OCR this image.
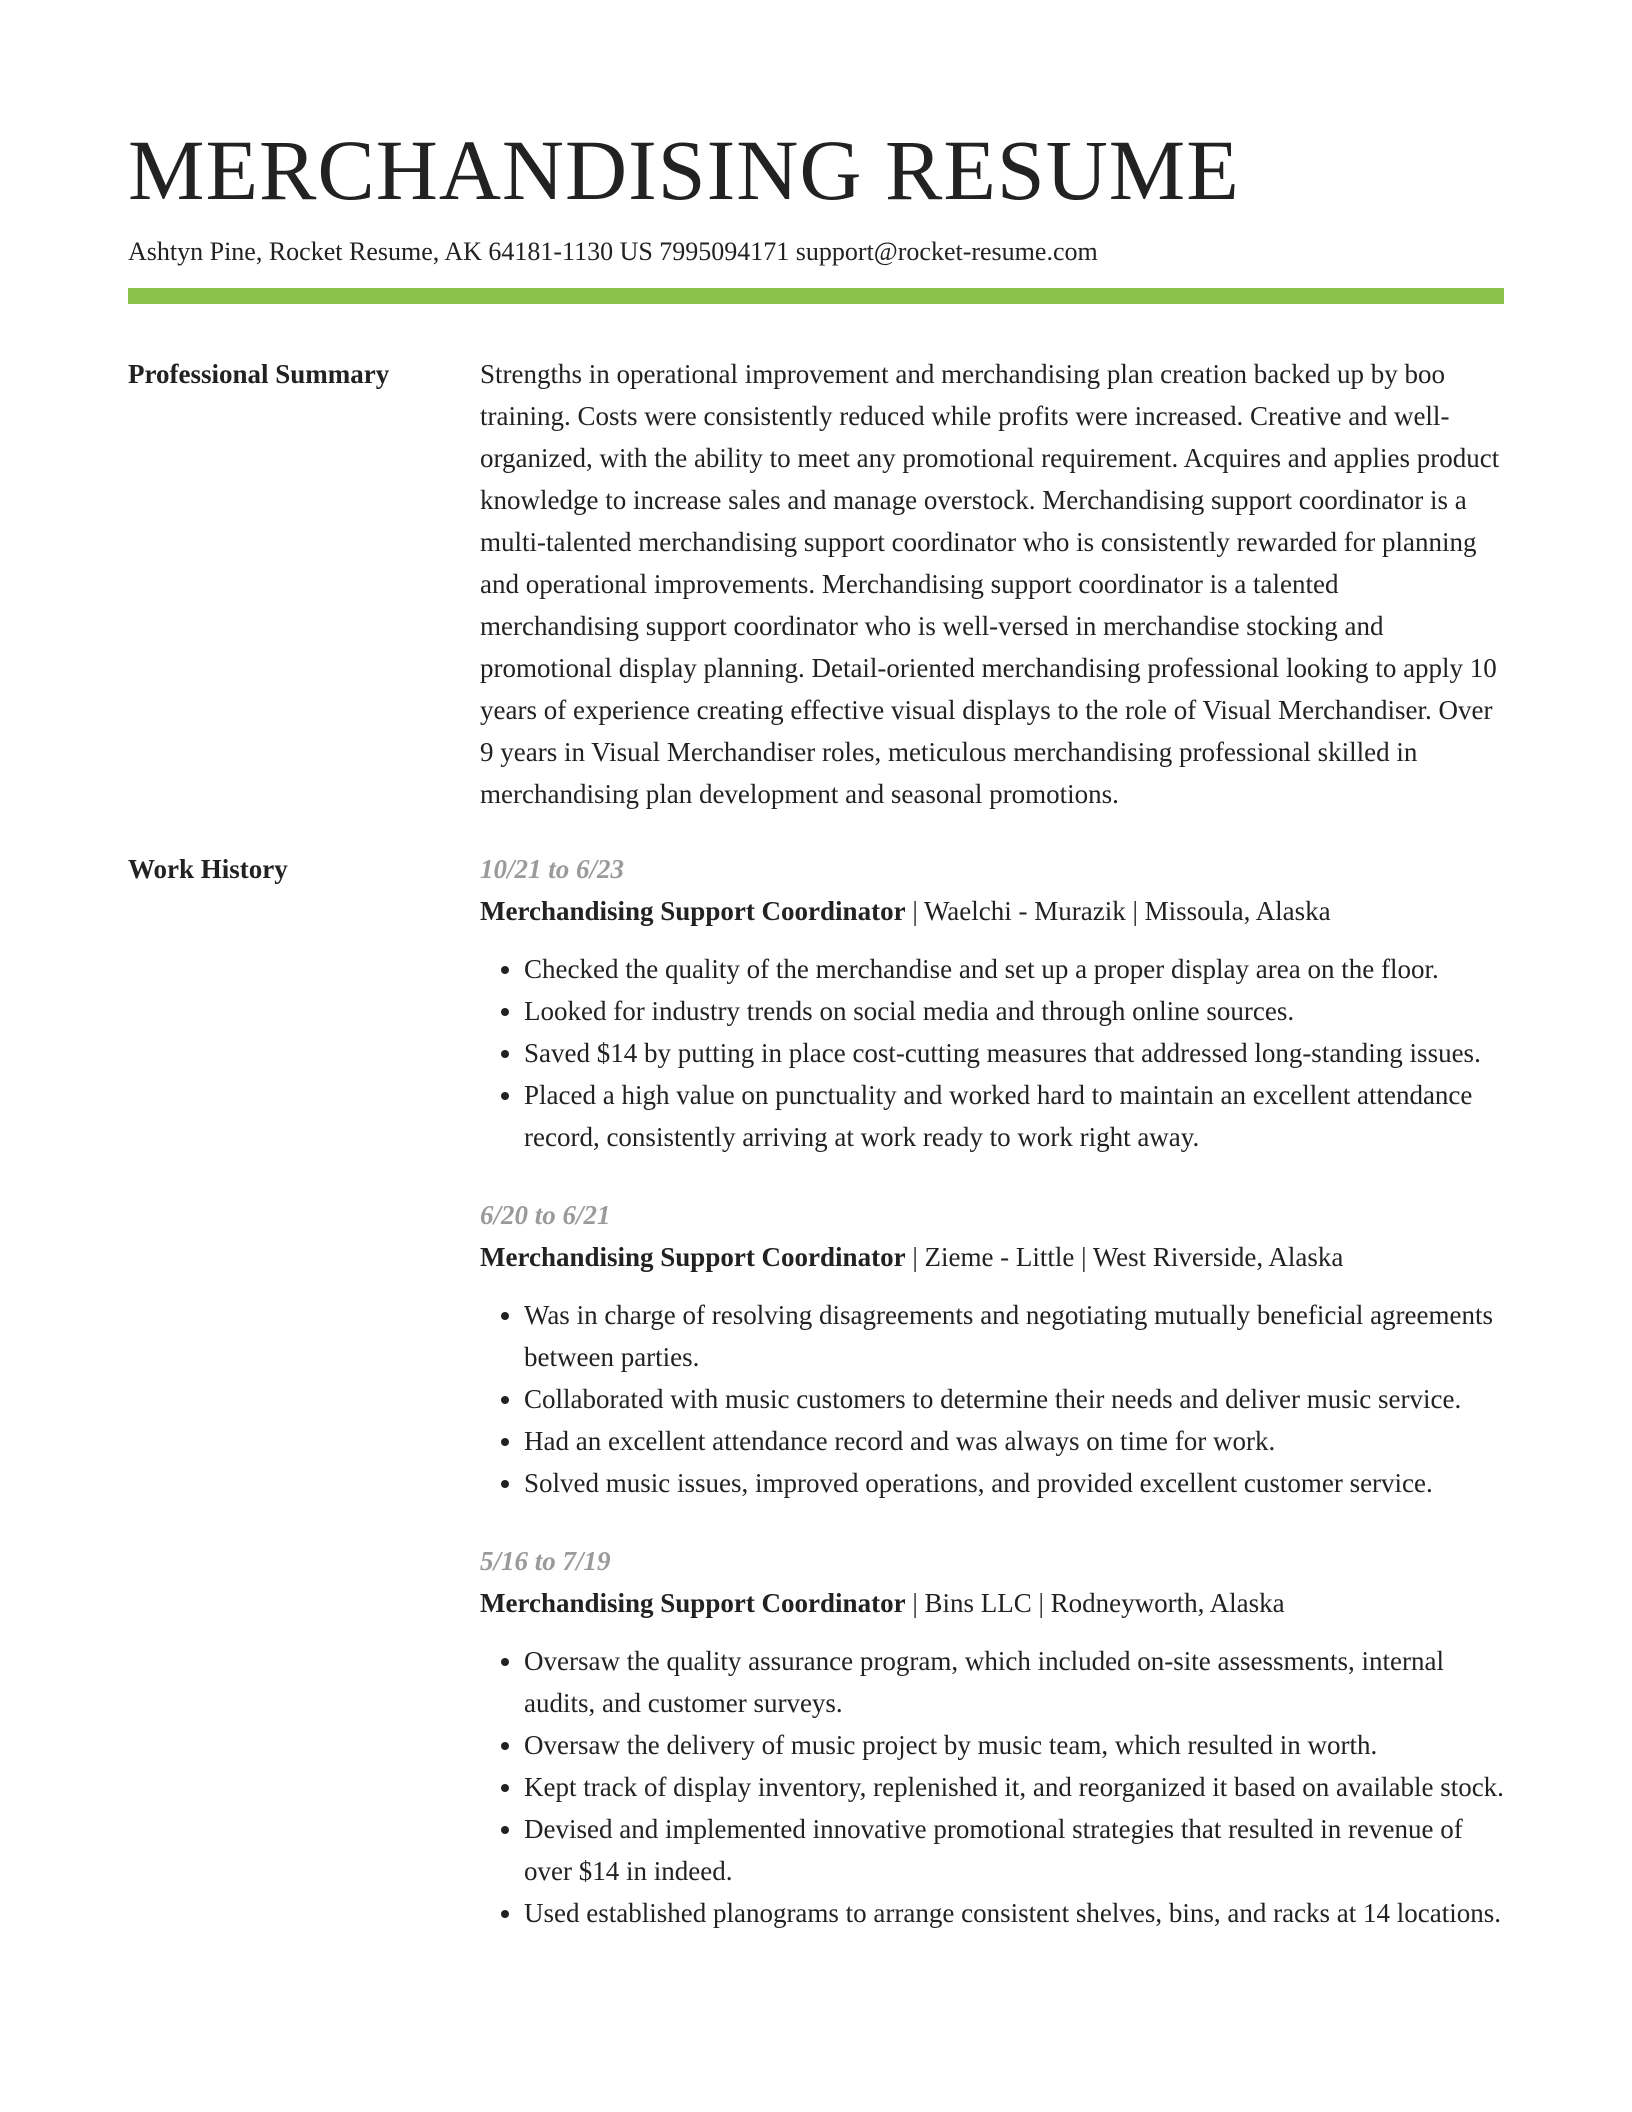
MERCHANDISING RESUME
Ashtyn Pine, Rocket Resume, AK 64181-1130 US 7995094171 support@rocket-resume.com
Professional Summary	Strengths in operational improvement and merchandising plan creation backed up by boo training. Costs were consistently reduced while profits were increased. Creative and well-organized, with the ability to meet any promotional requirement. Acquires and applies product knowledge to increase sales and manage overstock. Merchandising support coordinator is a multi-talented merchandising support coordinator who is consistently rewarded for planning and operational improvements. Merchandising support coordinator is a talented merchandising support coordinator who is well-versed in merchandise stocking and promotional display planning. Detail-oriented merchandising professional looking to apply 10 years of experience creating effective visual displays to the role of Visual Merchandiser. Over 9 years in Visual Merchandiser roles, meticulous merchandising professional skilled in merchandising plan development and seasonal promotions.

Work History	10/21 to 6/23
Merchandising Support Coordinator | Waelchi - Murazik | Missoula, Alaska
• Checked the quality of the merchandise and set up a proper display area on the floor.
• Looked for industry trends on social media and through online sources.
• Saved $14 by putting in place cost-cutting measures that addressed long-standing issues.
• Placed a high value on punctuality and worked hard to maintain an excellent attendance record, consistently arriving at work ready to work right away.
6/20 to 6/21
Merchandising Support Coordinator | Zieme - Little | West Riverside, Alaska
• Was in charge of resolving disagreements and negotiating mutually beneficial agreements between parties.
• Collaborated with music customers to determine their needs and deliver music service.
• Had an excellent attendance record and was always on time for work.
• Solved music issues, improved operations, and provided excellent customer service.
5/16 to 7/19
Merchandising Support Coordinator | Bins LLC | Rodneyworth, Alaska
• Oversaw the quality assurance program, which included on-site assessments, internal audits, and customer surveys.
• Oversaw the delivery of music project by music team, which resulted in worth.
• Kept track of display inventory, replenished it, and reorganized it based on available stock.
• Devised and implemented innovative promotional strategies that resulted in revenue of over $14 in indeed.
• Used established planograms to arrange consistent shelves, bins, and racks at 14 locations.
